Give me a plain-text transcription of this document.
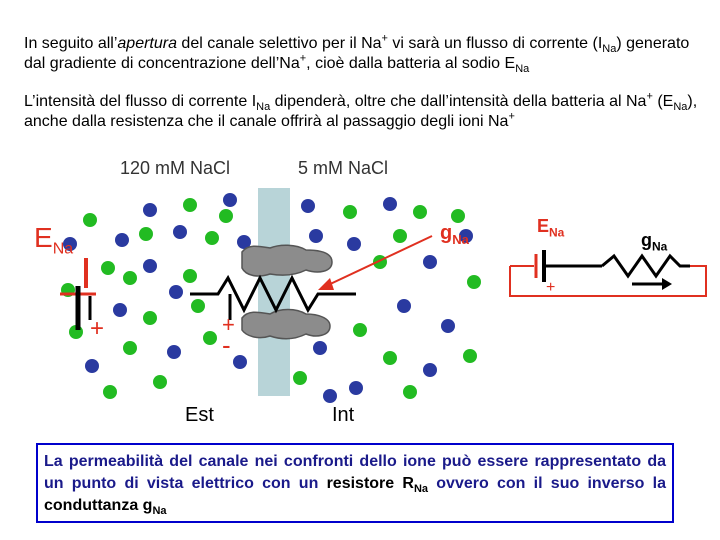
In seguito all’apertura del canale selettivo per il Na+ vi sarà un flusso di corrente $(I_{Na})$ generato dal gradiente di concentrazione dell’Na+, cioè dalla batteria al sodio $E_{Na}$

L’intensità del flusso di corrente $I_{Na}$ dipenderà, oltre che dall’intensità della batteria al Na+ $(E_{Na})$, anche dalla resistenza che il canale offrirà al passaggio degli ioni Na+

+
-
+
+
120 mM NaCl	5 mM NaCl
$E_{Na}$
$g_{Na}$
$E_{Na}$	$g_{Na}$
Est	Int
La permeabilità del canale nei confronti dello ione può essere rappresentato da un punto di vista elettrico con un resistore $R_{Na}$ ovvero con il suo inverso la conduttanza $g_{Na}$
